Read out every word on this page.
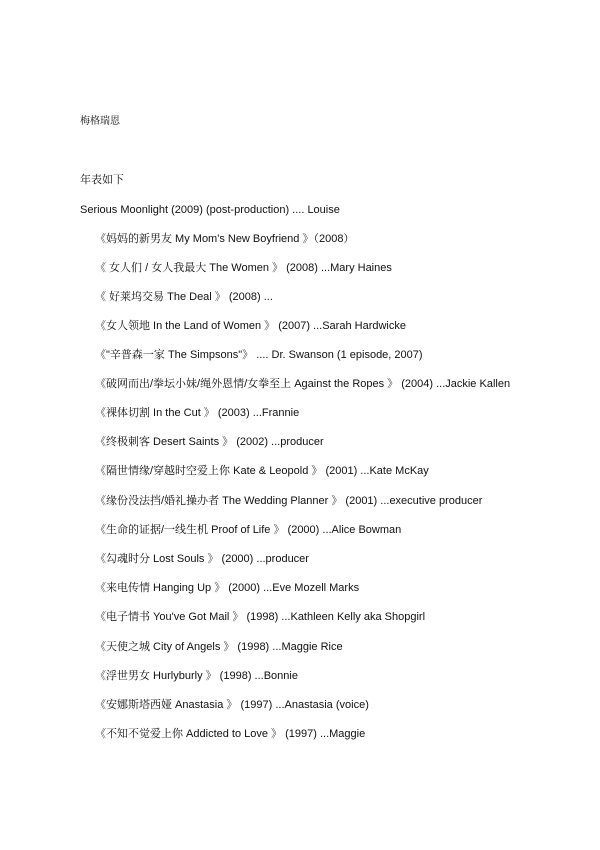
梅格瑞恩
年表如下
Serious Moonlight (2009) (post-production) .... Louise
《妈妈的新男友 My Mom's New Boyfriend 》（2008）
《 女人们 / 女人我最大 The Women 》 (2008) ...Mary Haines
《 好莱坞交易 The Deal 》 (2008) ...
《女人领地 In the Land of Women 》 (2007) ...Sarah Hardwicke
《"辛普森一家 The Simpsons"》 .... Dr. Swanson (1 episode, 2007)
《破网而出/拳坛小妹/绳外恩情/女拳至上 Against the Ropes 》 (2004) ...Jackie Kallen
《裸体切割 In the Cut 》 (2003) ...Frannie
《终极刺客 Desert Saints 》 (2002) ...producer
《隔世情缘/穿越时空爱上你 Kate & Leopold 》 (2001) ...Kate McKay
《缘份没法挡/婚礼操办者 The Wedding Planner 》 (2001) ...executive producer
《生命的证据/一线生机 Proof of Life 》 (2000) ...Alice Bowman
《勾魂时分 Lost Souls 》 (2000) ...producer
《来电传情 Hanging Up 》 (2000) ...Eve Mozell Marks
《电子情书 You've Got Mail 》 (1998) ...Kathleen Kelly aka Shopgirl
《天使之城 City of Angels 》 (1998) ...Maggie Rice
《浮世男女 Hurlyburly 》 (1998) ...Bonnie
《安娜斯塔西娅 Anastasia 》 (1997) ...Anastasia (voice)
《不知不觉爱上你 Addicted to Love 》 (1997) ...Maggie
